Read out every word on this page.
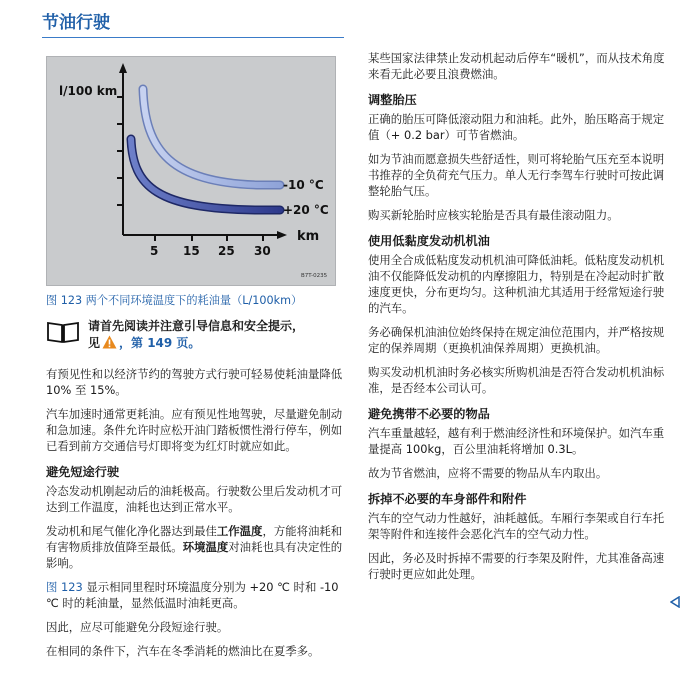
节油行驶
l/100 km
km
5 15 25 30
-10 °C
+20 °C
B7T-0235
图 123 两个不同环境温度下的耗油量（L/100km）
请首先阅读并注意引导信息和安全提示，
见 ，第 149 页。

有预见性和以经济节约的驾驶方式行驶可轻易使耗油量降低 10% 至 15%。

汽车加速时通常更耗油。应有预见性地驾驶，尽量避免制动和急加速。条件允许时应松开油门踏板惯性滑行停车，例如已看到前方交通信号灯即将变为红灯时就应如此。

避免短途行驶

冷态发动机刚起动后的油耗极高。行驶数公里后发动机才可达到工作温度，油耗也达到正常水平。

发动机和尾气催化净化器达到最佳工作温度，方能将油耗和有害物质排放值降至最低。环境温度对油耗也具有决定性的影响。

图 123 显示相同里程时环境温度分别为 +20 ℃ 时和 -10 ℃ 时的耗油量，显然低温时油耗更高。

因此，应尽可能避免分段短途行驶。

在相同的条件下，汽车在冬季消耗的燃油比在夏季多。

某些国家法律禁止发动机起动后停车“暖机”，而从技术角度来看无此必要且浪费燃油。

调整胎压

正确的胎压可降低滚动阻力和油耗。此外，胎压略高于规定值（+ 0.2 bar）可节省燃油。

如为节油而愿意损失些舒适性，则可将轮胎气压充至本说明书推荐的全负荷充气压力。单人无行李驾车行驶时可按此调整轮胎气压。

购买新轮胎时应核实轮胎是否具有最佳滚动阻力。

使用低黏度发动机机油

使用全合成低粘度发动机机油可降低油耗。低粘度发动机机油不仅能降低发动机的内摩擦阻力，特别是在冷起动时扩散速度更快，分布更均匀。这种机油尤其适用于经常短途行驶的汽车。

务必确保机油油位始终保持在规定油位范围内，并严格按规定的保养周期（更换机油保养周期）更换机油。

购买发动机机油时务必核实所购机油是否符合发动机机油标准，是否经本公司认可。

避免携带不必要的物品

汽车重量越轻，越有利于燃油经济性和环境保护。如汽车重量提高 100kg，百公里油耗将增加 0.3L。

故为节省燃油，应将不需要的物品从车内取出。

拆掉不必要的车身部件和附件

汽车的空气动力性越好，油耗越低。车厢行李架或自行车托架等附件和连接件会恶化汽车的空气动力性。

因此，务必及时拆掉不需要的行李架及附件，尤其准备高速行驶时更应如此处理。
